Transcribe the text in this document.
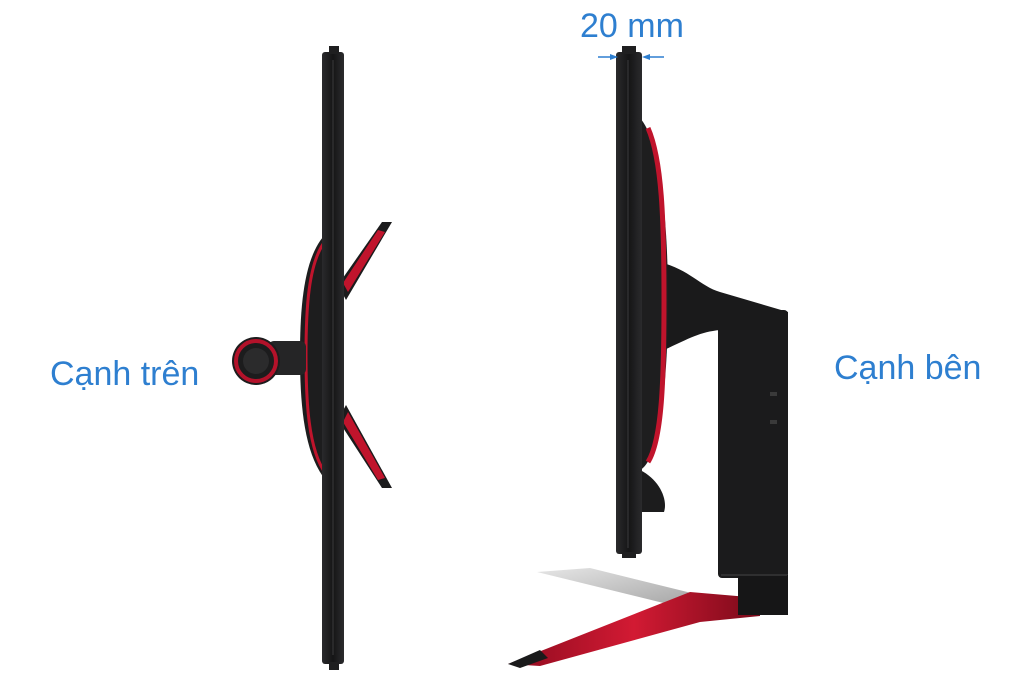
Cạnh trên	Cạnh bên
20 mm
